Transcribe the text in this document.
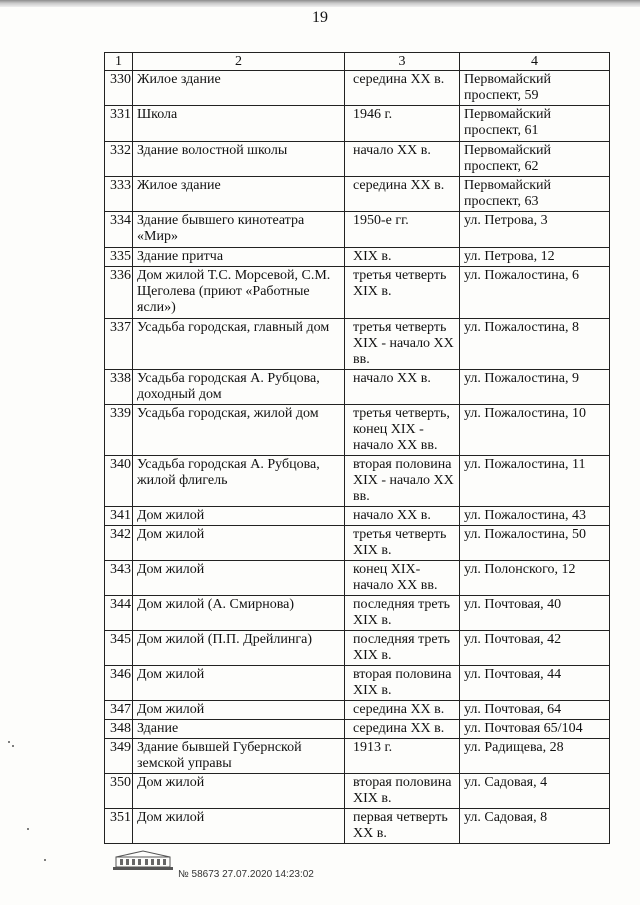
19
1	2	3	4
330	Жилое здание	середина XX в.	Первомайский проспект, 59
331	Школа	1946 г.	Первомайский проспект, 61
332	Здание волостной школы	начало XX в.	Первомайский проспект, 62
333	Жилое здание	середина XX в.	Первомайский проспект, 63
334	Здание бывшего кинотеатра «Мир»	1950-е гг.	ул. Петрова, 3
335	Здание притча	XIX в.	ул. Петрова, 12
336	Дом жилой Т.С. Морсевой, С.М. Щеголева (приют «Работные ясли»)	третья четверть XIX в.	ул. Пожалостина, 6
337	Усадьба городская, главный дом	третья четверть XIX - начало XX вв.	ул. Пожалостина, 8
338	Усадьба городская А. Рубцова, доходный дом	начало XX в.	ул. Пожалостина, 9
339	Усадьба городская, жилой дом	третья четверть, конец XIX - начало XX вв.	ул. Пожалостина, 10
340	Усадьба городская А. Рубцова, жилой флигель	вторая половина XIX - начало XX вв.	ул. Пожалостина, 11
341	Дом жилой	начало XX в.	ул. Пожалостина, 43
342	Дом жилой	третья четверть XIX в.	ул. Пожалостина, 50
343	Дом жилой	конец XIX- начало XX вв.	ул. Полонского, 12
344	Дом жилой (А. Смирнова)	последняя треть XIX в.	ул. Почтовая, 40
345	Дом жилой (П.П. Дрейлинга)	последняя треть XIX в.	ул. Почтовая, 42
346	Дом жилой	вторая половина XIX в.	ул. Почтовая, 44
347	Дом жилой	середина XX в.	ул. Почтовая, 64
348	Здание	середина XX в.	ул. Почтовая 65/104
349	Здание бывшей Губернской земской управы	1913 г.	ул. Радищева, 28
350	Дом жилой	вторая половина XIX в.	ул. Садовая, 4
351	Дом жилой	первая четверть XX в.	ул. Садовая, 8
№ 58673 27.07.2020 14:23:02
